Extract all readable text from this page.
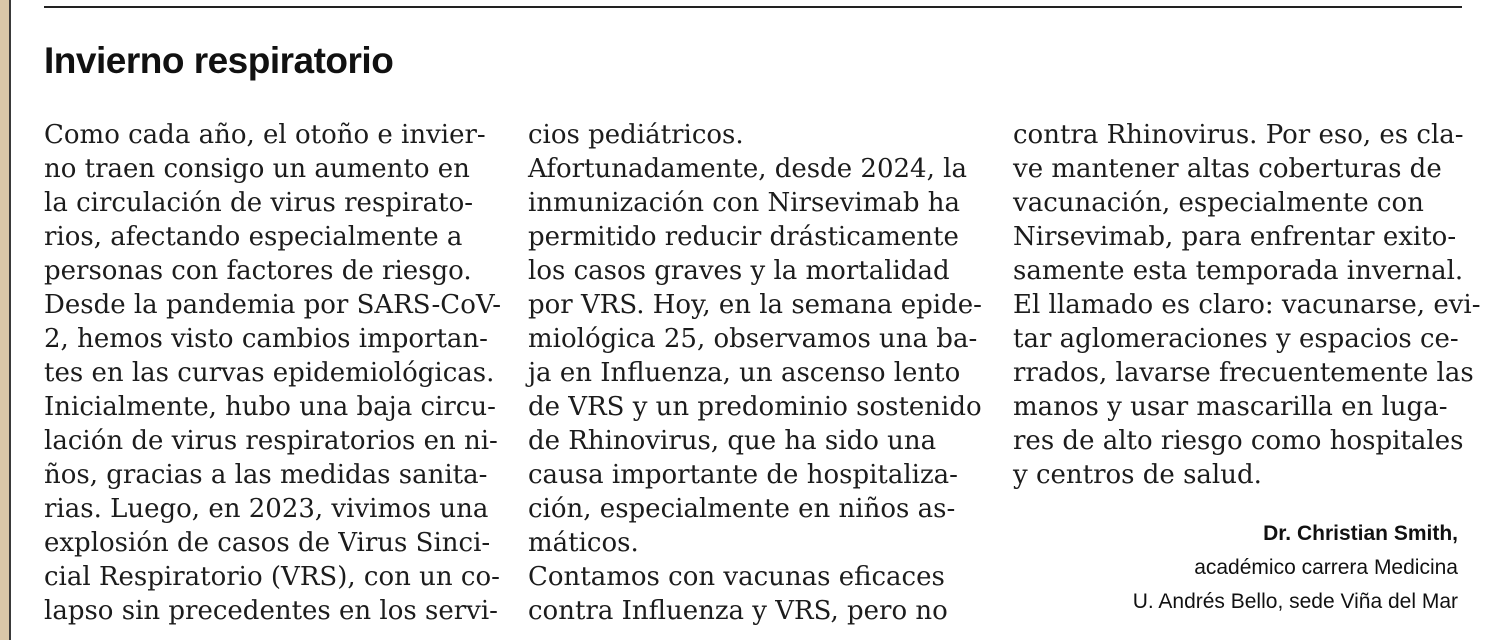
Invierno respiratorio
Como cada año, el otoño e invier-
no traen consigo un aumento en
la circulación de virus respirato-
rios, afectando especialmente a
personas con factores de riesgo.
Desde la pandemia por SARS-CoV-
2, hemos visto cambios importan-
tes en las curvas epidemiológicas.
Inicialmente, hubo una baja circu-
lación de virus respiratorios en ni-
ños, gracias a las medidas sanita-
rias. Luego, en 2023, vivimos una
explosión de casos de Virus Sinci-
cial Respiratorio (VRS), con un co-
lapso sin precedentes en los servi-
cios pediátricos.
Afortunadamente, desde 2024, la
inmunización con Nirsevimab ha
permitido reducir drásticamente
los casos graves y la mortalidad
por VRS. Hoy, en la semana epide-
miológica 25, observamos una ba-
ja en Influenza, un ascenso lento
de VRS y un predominio sostenido
de Rhinovirus, que ha sido una
causa importante de hospitaliza-
ción, especialmente en niños as-
máticos.
Contamos con vacunas eficaces
contra Influenza y VRS, pero no
contra Rhinovirus. Por eso, es cla-
ve mantener altas coberturas de
vacunación, especialmente con
Nirsevimab, para enfrentar exito-
samente esta temporada invernal.
El llamado es claro: vacunarse, evi-
tar aglomeraciones y espacios ce-
rrados, lavarse frecuentemente las
manos y usar mascarilla en luga-
res de alto riesgo como hospitales
y centros de salud.
Dr. Christian Smith,
académico carrera Medicina
U. Andrés Bello, sede Viña del Mar
